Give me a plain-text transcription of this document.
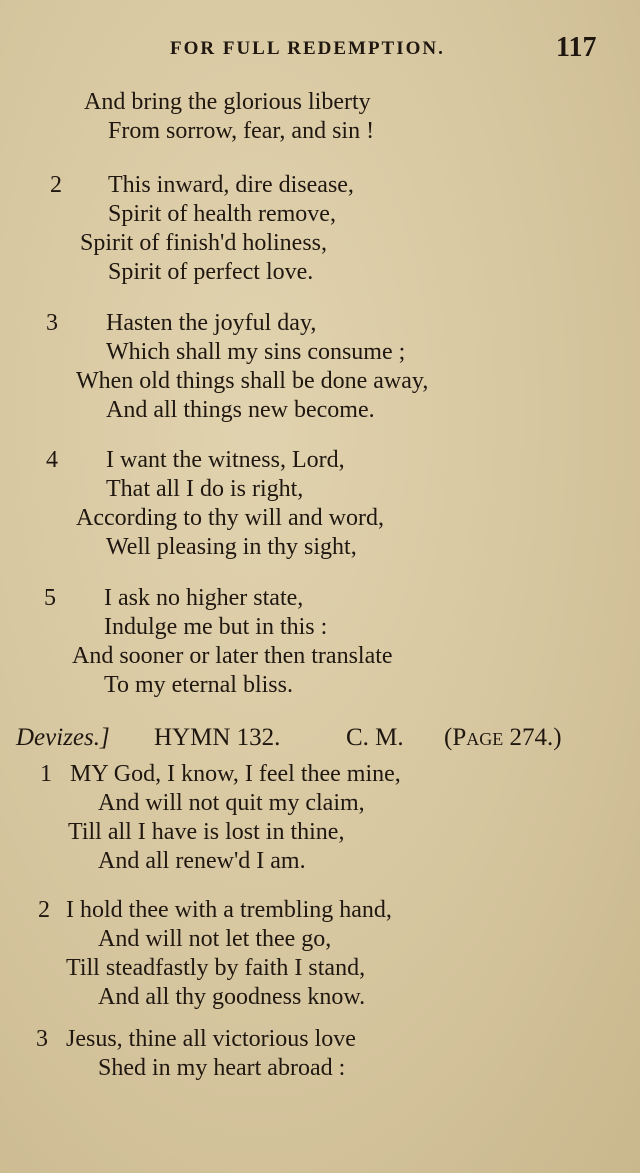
FOR FULL REDEMPTION.	117
And bring the glorious liberty
From sorrow, fear, and sin !
2 This inward, dire disease,
Spirit of health remove,
Spirit of finish'd holiness,
Spirit of perfect love.
3 Hasten the joyful day,
Which shall my sins consume ;
When old things shall be done away,
And all things new become.
4 I want the witness, Lord,
That all I do is right,
According to thy will and word,
Well pleasing in thy sight,
5 I ask no higher state,
Indulge me but in this :
And sooner or later then translate
To my eternal bliss.
Devizes.] HYMN 132.	C. M. (Page 274.)
1 MY God, I know, I feel thee mine,
And will not quit my claim,
Till all I have is lost in thine,
And all renew'd I am.
2 I hold thee with a trembling hand,
And will not let thee go,
Till steadfastly by faith I stand,
And all thy goodness know.
3 Jesus, thine all victorious love
Shed in my heart abroad :
